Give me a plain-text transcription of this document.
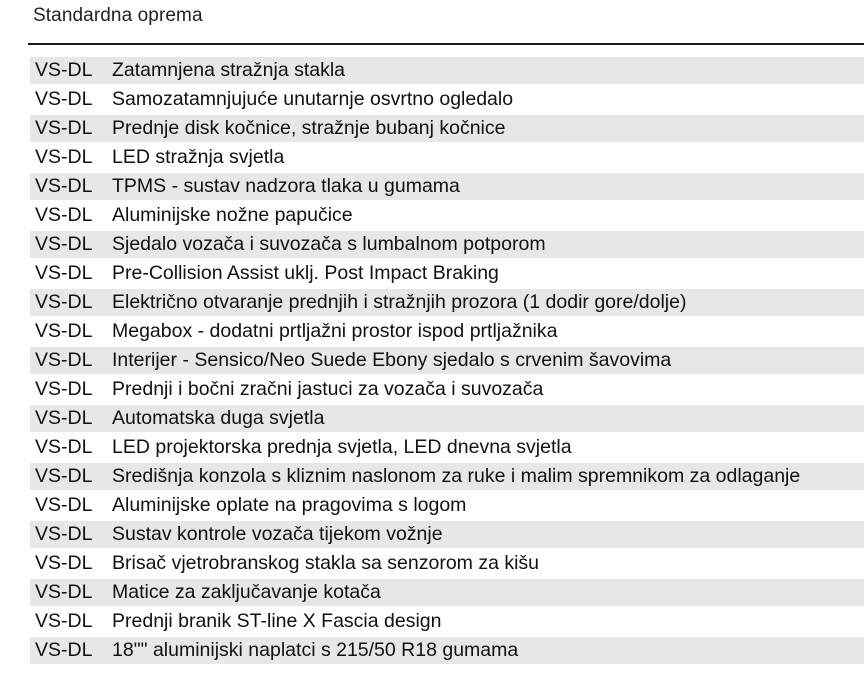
Standardna oprema
VS-DL	Zatamnjena stražnja stakla
VS-DL	Samozatamnjujuće unutarnje osvrtno ogledalo
VS-DL	Prednje disk kočnice, stražnje bubanj kočnice
VS-DL	LED stražnja svjetla
VS-DL	TPMS - sustav nadzora tlaka u gumama
VS-DL	Aluminijske nožne papučice
VS-DL	Sjedalo vozača i suvozača s lumbalnom potporom
VS-DL	Pre-Collision Assist uklj. Post Impact Braking
VS-DL	Električno otvaranje prednjih i stražnjih prozora (1 dodir gore/dolje)
VS-DL	Megabox - dodatni prtljažni prostor ispod prtljažnika
VS-DL	Interijer - Sensico/Neo Suede Ebony sjedalo s crvenim šavovima
VS-DL	Prednji i bočni zračni jastuci za vozača i suvozača
VS-DL	Automatska duga svjetla
VS-DL	LED projektorska prednja svjetla, LED dnevna svjetla
VS-DL	Središnja konzola s kliznim naslonom za ruke i malim spremnikom za odlaganje
VS-DL	Aluminijske oplate na pragovima s logom
VS-DL	Sustav kontrole vozača tijekom vožnje
VS-DL	Brisač vjetrobranskog stakla sa senzorom za kišu
VS-DL	Matice za zaključavanje kotača
VS-DL	Prednji branik ST-line X Fascia design
VS-DL	18"" aluminijski naplatci s 215/50 R18 gumama
